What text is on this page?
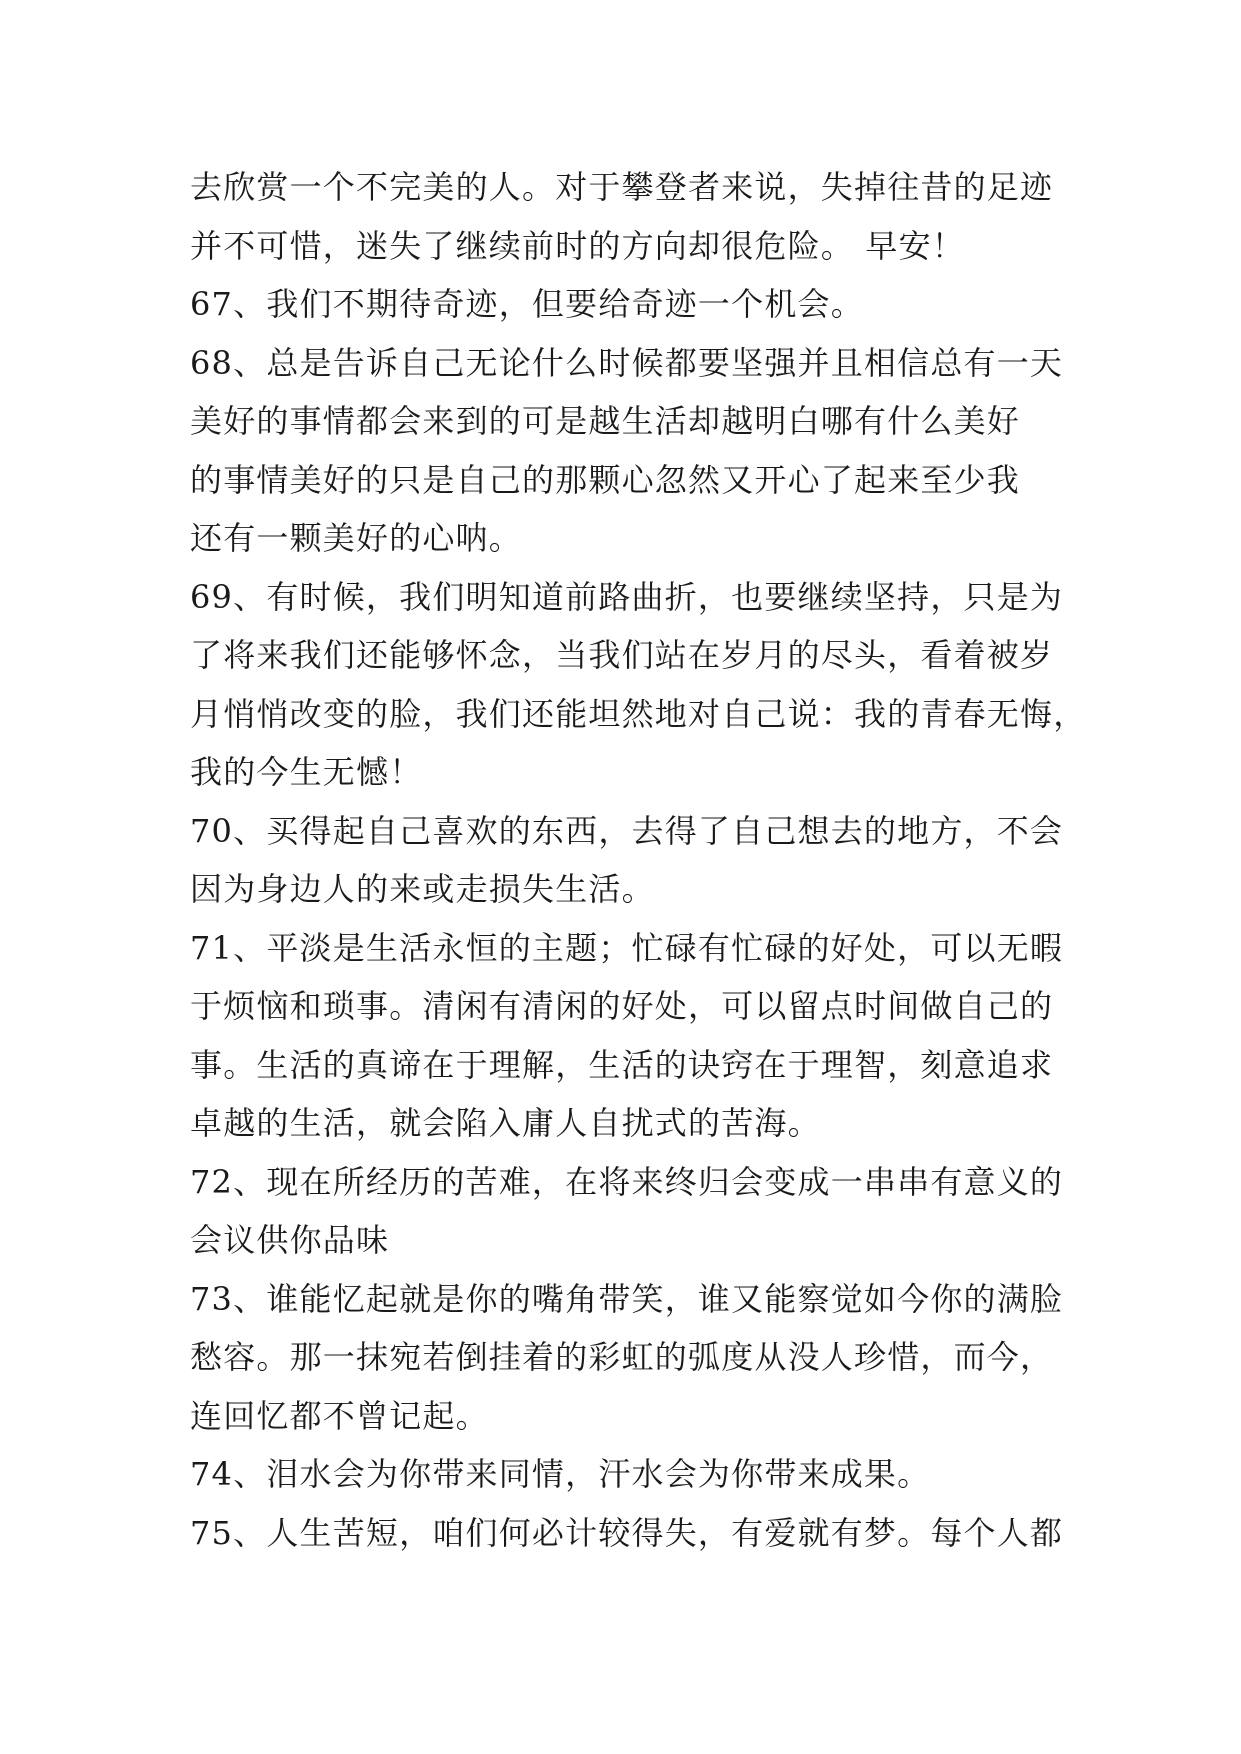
去欣赏一个不完美的人。对于攀登者来说，失掉往昔的足迹
并不可惜，迷失了继续前时的方向却很危险。 早安！
67、我们不期待奇迹，但要给奇迹一个机会。
68、总是告诉自己无论什么时候都要坚强并且相信总有一天
美好的事情都会来到的可是越生活却越明白哪有什么美好
的事情美好的只是自己的那颗心忽然又开心了起来至少我
还有一颗美好的心呐。
69、有时候，我们明知道前路曲折，也要继续坚持，只是为
了将来我们还能够怀念，当我们站在岁月的尽头，看着被岁
月悄悄改变的脸，我们还能坦然地对自己说：我的青春无悔，
我的今生无憾！
70、买得起自己喜欢的东西，去得了自己想去的地方，不会
因为身边人的来或走损失生活。
71、平淡是生活永恒的主题；忙碌有忙碌的好处，可以无暇
于烦恼和琐事。清闲有清闲的好处，可以留点时间做自己的
事。生活的真谛在于理解，生活的诀窍在于理智，刻意追求
卓越的生活，就会陷入庸人自扰式的苦海。
72、现在所经历的苦难，在将来终归会变成一串串有意义的
会议供你品味
73、谁能忆起就是你的嘴角带笑，谁又能察觉如今你的满脸
愁容。那一抹宛若倒挂着的彩虹的弧度从没人珍惜，而今，
连回忆都不曾记起。
74、泪水会为你带来同情，汗水会为你带来成果。
75、人生苦短，咱们何必计较得失，有爱就有梦。每个人都
